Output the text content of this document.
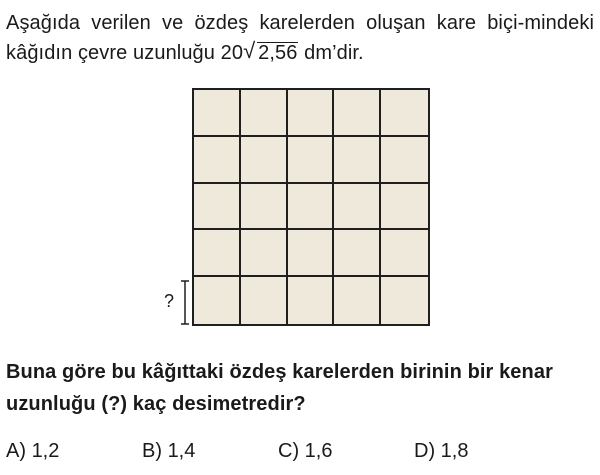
Aşağıda verilen ve özdeş karelerden oluşan kare biçi-mindeki kâğıdın çevre uzunluğu 20√ 2,56 dm’dir.
?
Buna göre bu kâğıttaki özdeş karelerden birinin bir kenar uzunluğu (?) kaç desimetredir?
A) 1,2	B) 1,4	C) 1,6	D) 1,8
